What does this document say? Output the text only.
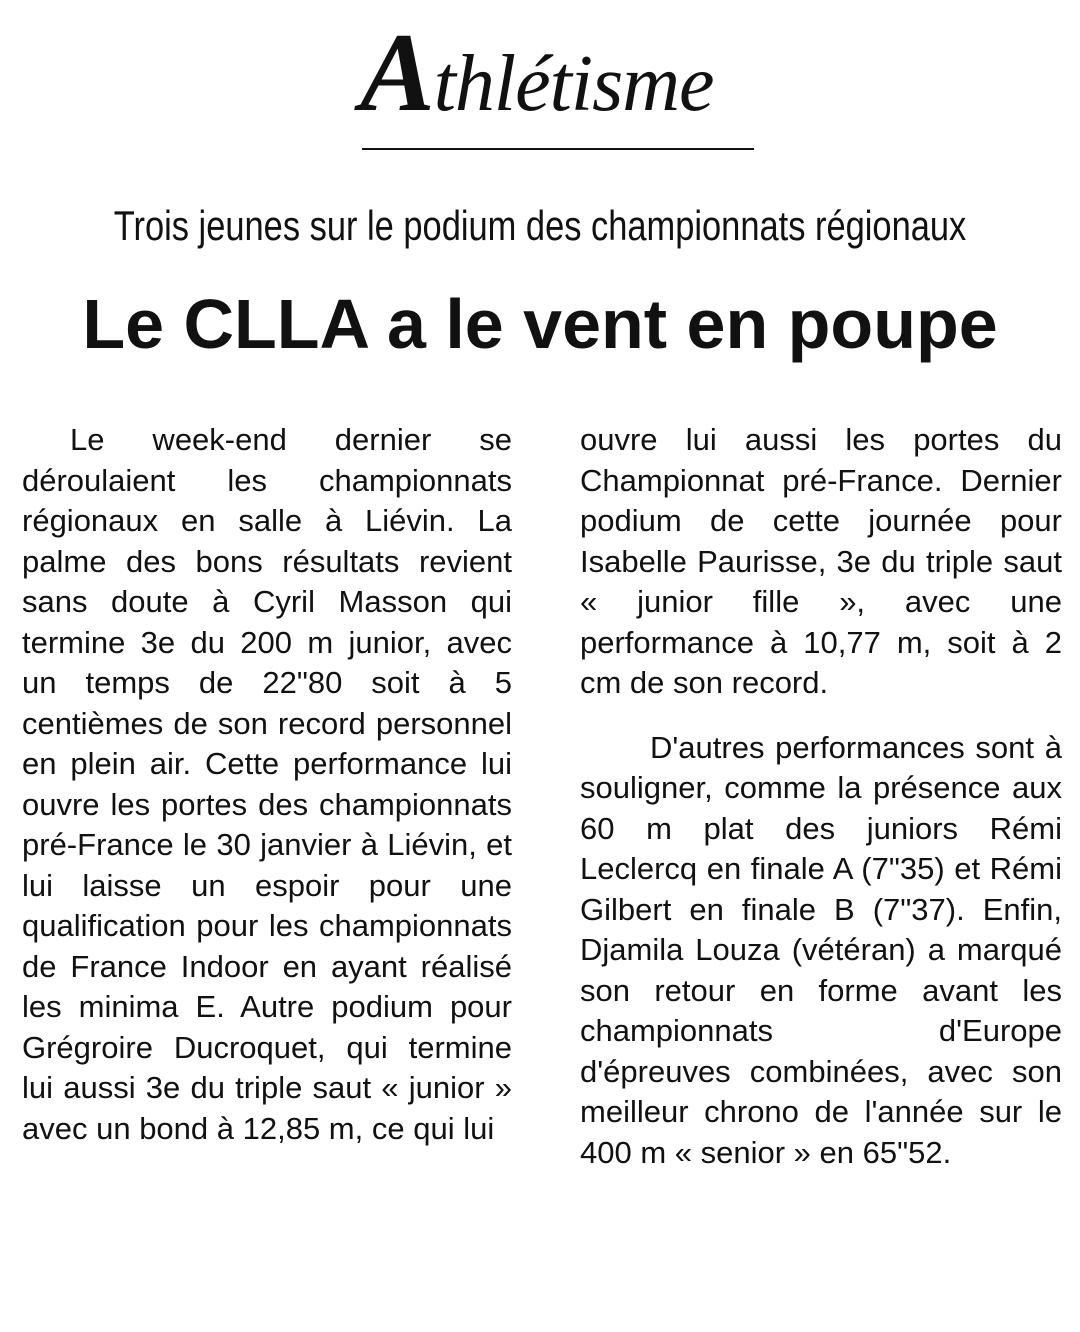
Athlétisme
Trois jeunes sur le podium des championnats régionaux
Le CLLA a le vent en poupe

Le week-end dernier se déroulaient les championnats régionaux en salle à Liévin. La palme des bons résultats revient sans doute à Cyril Masson qui termine 3e du 200 m junior, avec un temps de 22"80 soit à 5 centièmes de son record personnel en plein air. Cette performance lui ouvre les portes des championnats pré-France le 30 janvier à Liévin, et lui laisse un espoir pour une qualification pour les championnats de France Indoor en ayant réalisé les minima E. Autre podium pour Grégroire Ducroquet, qui termine lui aussi 3e du triple saut « junior » avec un bond à 12,85 m, ce qui lui

ouvre lui aussi les portes du Championnat pré-France. Dernier podium de cette journée pour Isabelle Paurisse, 3e du triple saut « junior fille », avec une performance à 10,77 m, soit à 2 cm de son record.

D'autres performances sont à souligner, comme la présence aux 60 m plat des juniors Rémi Leclercq en finale A (7"35) et Rémi Gilbert en finale B (7"37). Enfin, Djamila Louza (vétéran) a marqué son retour en forme avant les championnats d'Europe d'épreuves combinées, avec son meilleur chrono de l'année sur le 400 m « senior » en 65"52.
